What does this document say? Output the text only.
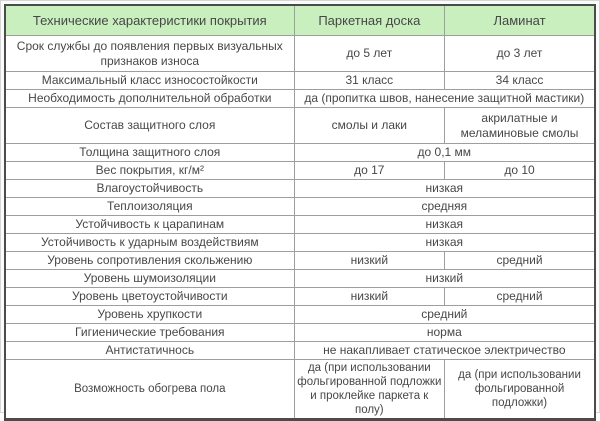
Технические характеристики покрытия	Паркетная доска	Ламинат
Срок службы до появления первых визуальных признаков износа	до 5 лет	до 3 лет
Максимальный класс износостойкости	31 класс	34 класс
Необходимость дополнительной обработки	да (пропитка швов, нанесение защитной мастики)	
Состав защитного слоя	смолы и лаки	акрилатные и меламиновые смолы
Толщина защитного слоя	до 0,1 мм	
Вес покрытия, кг/м²	до 17	до 10
Влагоустойчивость	низкая	
Теплоизоляция	средняя	
Устойчивость к царапинам	низкая	
Устойчивость к ударным воздействиям	низкая	
Уровень сопротивления скольжению	низкий	средний
Уровень шумоизоляции	низкий	
Уровень цветоустойчивости	низкий	средний
Уровень хрупкости	средний	
Гигиенические требования	норма	
Антистатичнось	не накапливает статическое электричество	
Возможность обогрева пола	да (при использовании фольгированной подложки и проклейке паркета к полу)	да (при использовании фольгированной подложки)
